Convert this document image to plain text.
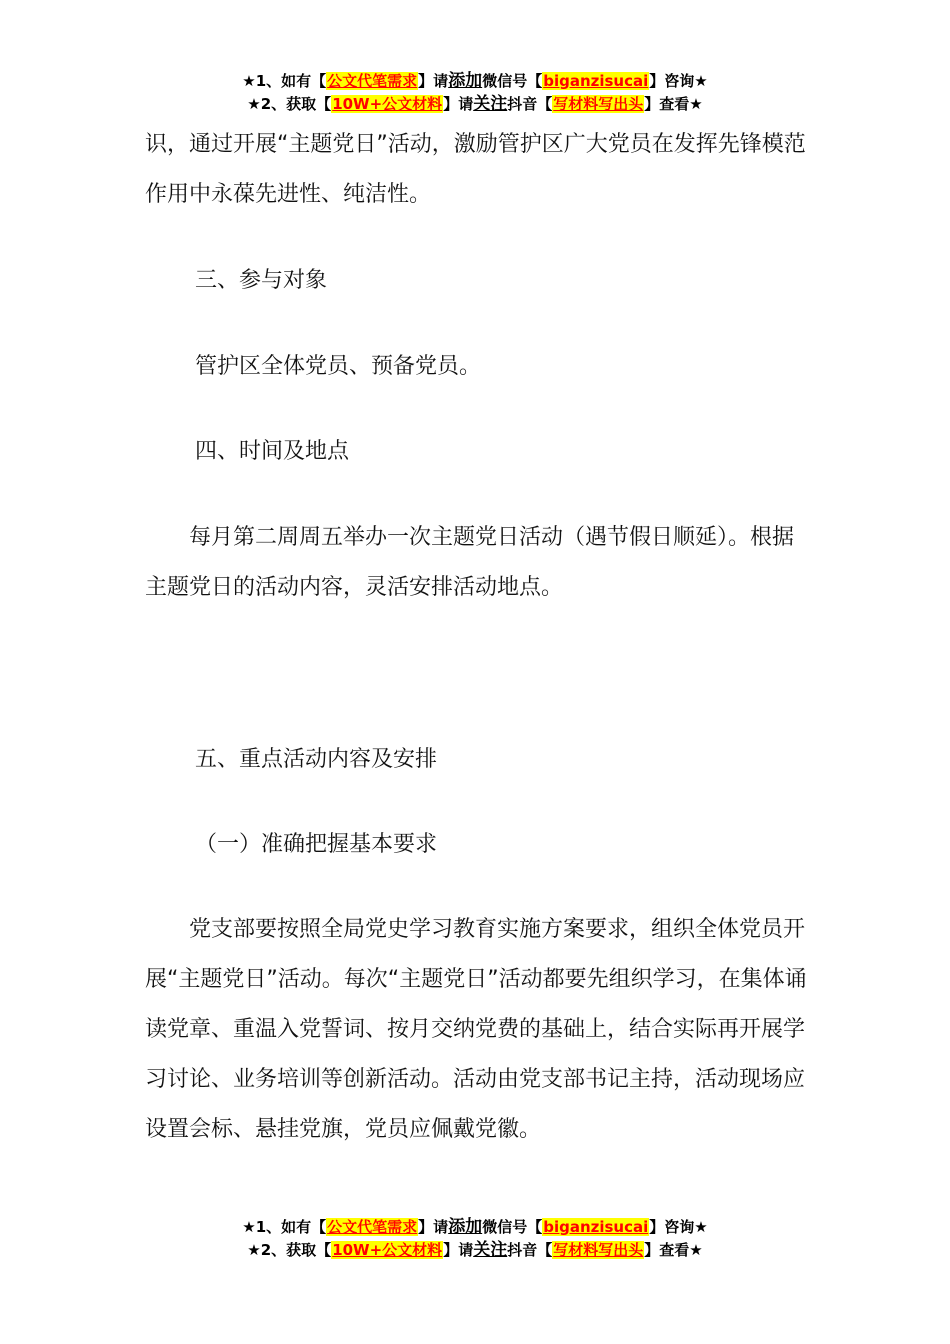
★1、如有【公文代笔需求】请添加微信号【biganzisucai】咨询★
★2、获取【10W+公文材料】请关注抖音【写材料写出头】查看★

识，通过开展“主题党日”活动，激励管护区广大党员在发挥先锋模范作用中永葆先进性、纯洁性。

三、参与对象

管护区全体党员、预备党员。

四、时间及地点

每月第二周周五举办一次主题党日活动（遇节假日顺延）。根据主题党日的活动内容，灵活安排活动地点。

五、重点活动内容及安排

（一）准确把握基本要求

党支部要按照全局党史学习教育实施方案要求，组织全体党员开展“主题党日”活动。每次“主题党日”活动都要先组织学习，在集体诵读党章、重温入党誓词、按月交纳党费的基础上，结合实际再开展学习讨论、业务培训等创新活动。活动由党支部书记主持，活动现场应设置会标、悬挂党旗，党员应佩戴党徽。

★1、如有【公文代笔需求】请添加微信号【biganzisucai】咨询★
★2、获取【10W+公文材料】请关注抖音【写材料写出头】查看★
